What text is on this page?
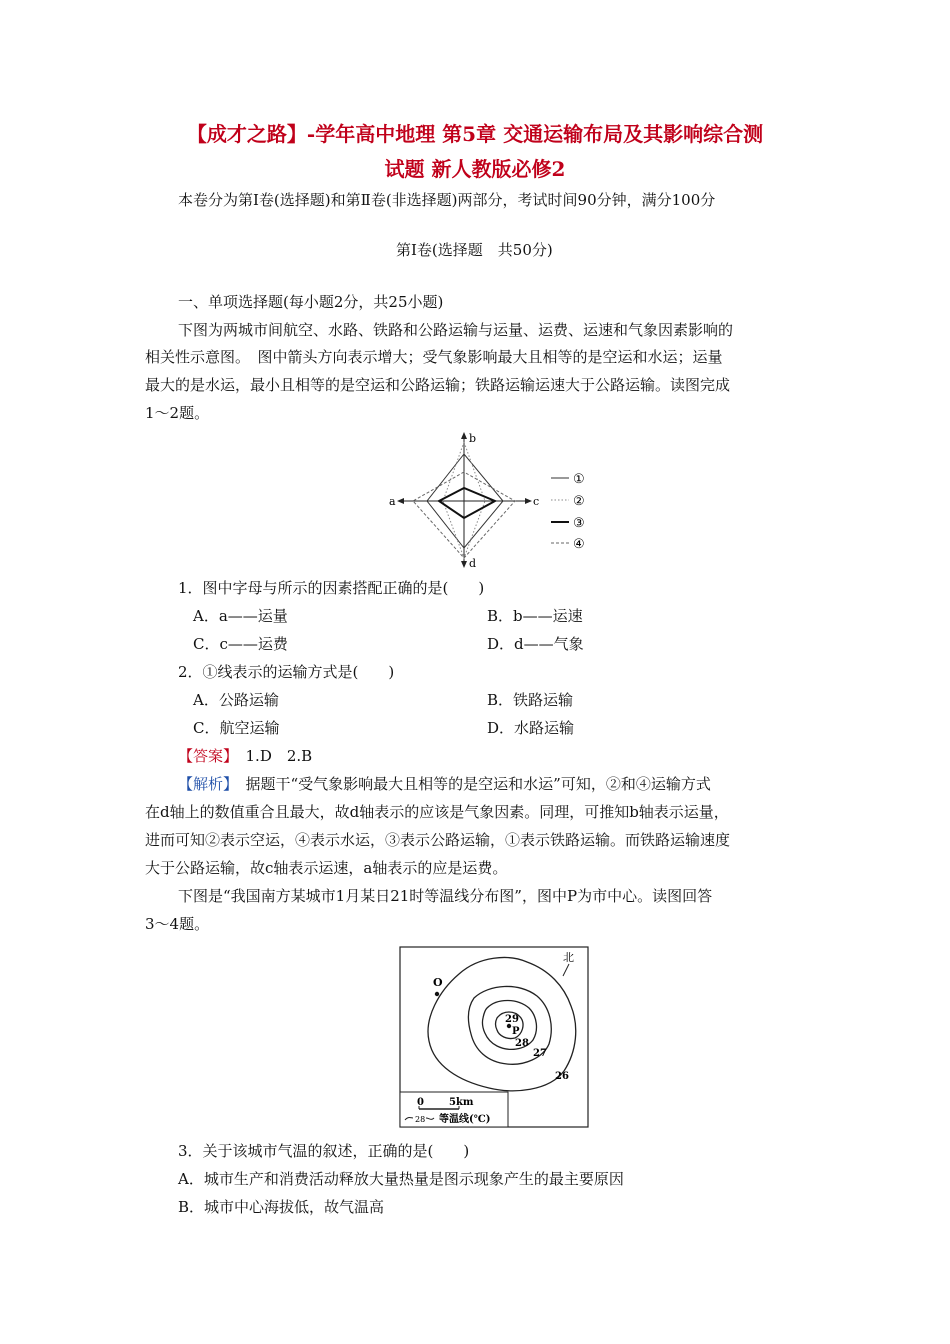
【成才之路】-学年高中地理 第5章 交通运输布局及其影响综合测
试题 新人教版必修2
本卷分为第Ⅰ卷(选择题)和第Ⅱ卷(非选择题)两部分，考试时间90分钟，满分100分
第Ⅰ卷(选择题　共50分)
一、单项选择题(每小题2分，共25小题)
下图为两城市间航空、水路、铁路和公路运输与运量、运费、运速和气象因素影响的
相关性示意图。　图中箭头方向表示增大；受气象影响最大且相等的是空运和水运；运量
最大的是水运，最小且相等的是空运和公路运输；铁路运输运速大于公路运输。读图完成
1～2题。
b
d
a	c
①
②
③
④
1．图中字母与所示的因素搭配正确的是(　　)
A．a——运量	B．b——运速
C．c——运费	D．d——气象
2．①线表示的运输方式是(　　)
A．公路运输	B．铁路运输
C．航空运输	D．水路运输
【答案】　1.D　2.B
【解析】　据题干“受气象影响最大且相等的是空运和水运”可知，②和④运输方式
在d轴上的数值重合且最大，故d轴表示的应该是气象因素。同理，可推知b轴表示运量，
进而可知②表示空运，④表示水运，③表示公路运输，①表示铁路运输。而铁路运输速度
大于公路运输，故c轴表示运速，a轴表示的应是运费。
下图是“我国南方某城市1月某日21时等温线分布图”，图中P为市中心。读图回答
3～4题。
北
O
P
29
28
27
26
0	5km
28 等温线(℃)
3．关于该城市气温的叙述，正确的是(　　)
A．城市生产和消费活动释放大量热量是图示现象产生的最主要原因
B．城市中心海拔低，故气温高
